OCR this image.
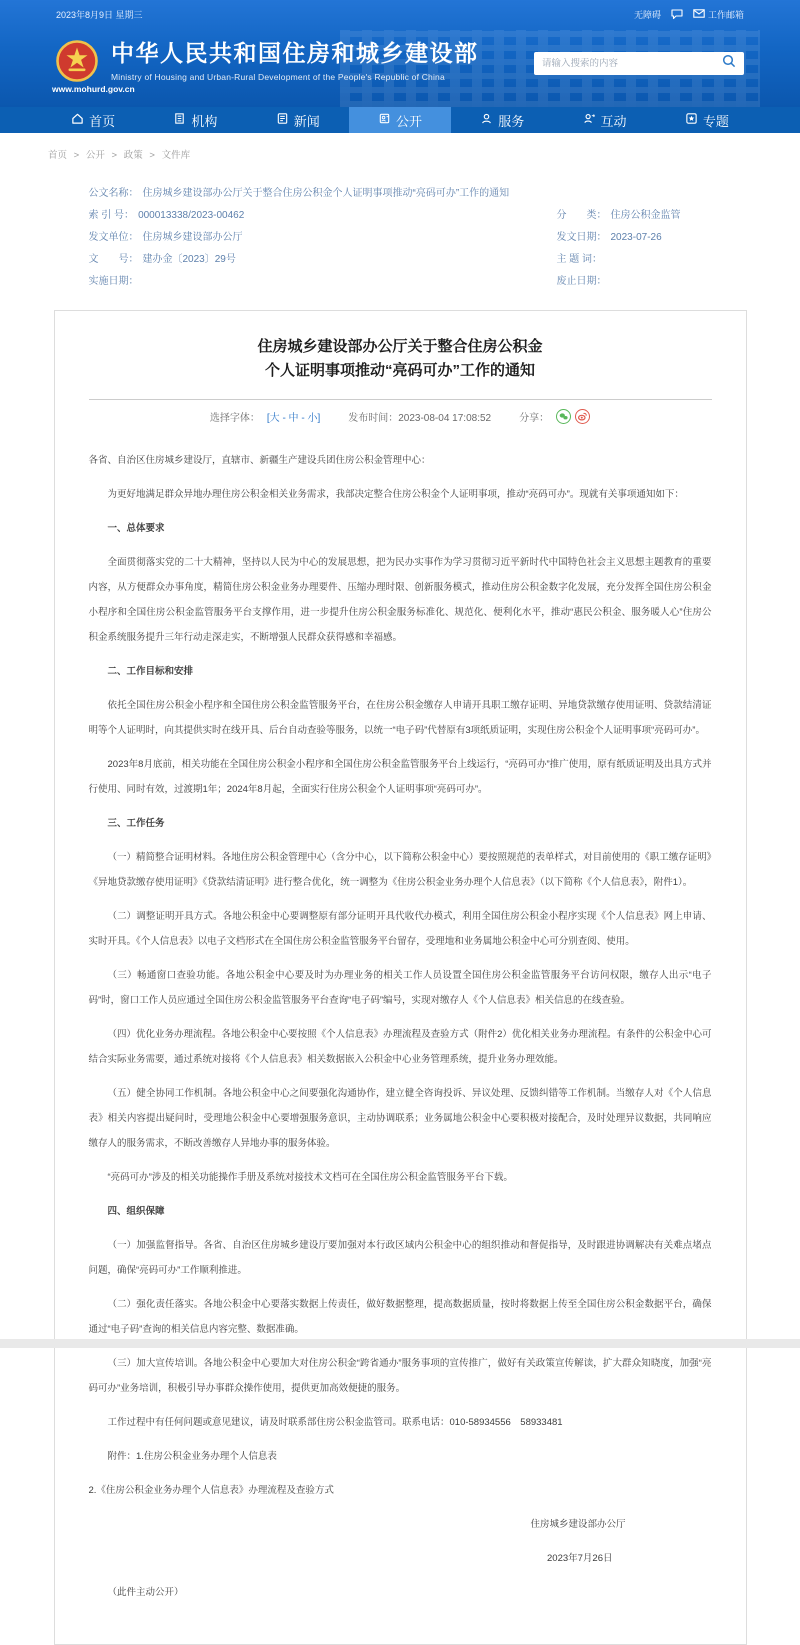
2023年8月9日 星期三	无障碍	工作邮箱
www.mohurd.gov.cn
中华人民共和国住房和城乡建设部
Ministry of Housing and Urban-Rural Development of the People's Republic of China
请输入搜索的内容
首页	机构	新闻	公开	服务	互动	专题
首页 > 公开 > 政策 > 文件库
公文名称： 住房城乡建设部办公厅关于整合住房公积金个人证明事项推动“亮码可办”工作的通知
索 引 号： 000013338/2023-00462	分　　类： 住房公积金监管
发文单位： 住房城乡建设部办公厅	发文日期： 2023-07-26
文　　号： 建办金〔2023〕29号	主 题 词：
实施日期：	废止日期：
住房城乡建设部办公厅关于整合住房公积金
个人证明事项推动“亮码可办”工作的通知
选择字体： [大 - 中 - 小]	发布时间：2023-08-04 17:08:52	分享：

各省、自治区住房城乡建设厅，直辖市、新疆生产建设兵团住房公积金管理中心：

为更好地满足群众异地办理住房公积金相关业务需求，我部决定整合住房公积金个人证明事项，推动“亮码可办”。现就有关事项通知如下：

一、总体要求

全面贯彻落实党的二十大精神，坚持以人民为中心的发展思想，把为民办实事作为学习贯彻习近平新时代中国特色社会主义思想主题教育的重要内容，从方便群众办事角度，精简住房公积金业务办理要件、压缩办理时限、创新服务模式，推动住房公积金数字化发展，充分发挥全国住房公积金小程序和全国住房公积金监管服务平台支撑作用，进一步提升住房公积金服务标准化、规范化、便利化水平，推动“惠民公积金、服务暖人心”住房公积金系统服务提升三年行动走深走实，不断增强人民群众获得感和幸福感。

二、工作目标和安排

依托全国住房公积金小程序和全国住房公积金监管服务平台，在住房公积金缴存人申请开具职工缴存证明、异地贷款缴存使用证明、贷款结清证明等个人证明时，向其提供实时在线开具、后台自动查验等服务，以统一“电子码”代替原有3项纸质证明，实现住房公积金个人证明事项“亮码可办”。

2023年8月底前，相关功能在全国住房公积金小程序和全国住房公积金监管服务平台上线运行，“亮码可办”推广使用，原有纸质证明及出具方式并行使用、同时有效，过渡期1年；2024年8月起，全面实行住房公积金个人证明事项“亮码可办”。

三、工作任务

（一）精简整合证明材料。各地住房公积金管理中心（含分中心，以下简称公积金中心）要按照规范的表单样式，对目前使用的《职工缴存证明》《异地贷款缴存使用证明》《贷款结清证明》进行整合优化，统一调整为《住房公积金业务办理个人信息表》（以下简称《个人信息表》，附件1）。

（二）调整证明开具方式。各地公积金中心要调整原有部分证明开具代收代办模式，利用全国住房公积金小程序实现《个人信息表》网上申请、实时开具。《个人信息表》以电子文档形式在全国住房公积金监管服务平台留存，受理地和业务属地公积金中心可分别查阅、使用。

（三）畅通窗口查验功能。各地公积金中心要及时为办理业务的相关工作人员设置全国住房公积金监管服务平台访问权限，缴存人出示“电子码”时，窗口工作人员应通过全国住房公积金监管服务平台查询“电子码”编号，实现对缴存人《个人信息表》相关信息的在线查验。

（四）优化业务办理流程。各地公积金中心要按照《个人信息表》办理流程及查验方式（附件2）优化相关业务办理流程。有条件的公积金中心可结合实际业务需要，通过系统对接将《个人信息表》相关数据嵌入公积金中心业务管理系统，提升业务办理效能。

（五）健全协同工作机制。各地公积金中心之间要强化沟通协作，建立健全咨询投诉、异议处理、反馈纠错等工作机制。当缴存人对《个人信息表》相关内容提出疑问时，受理地公积金中心要增强服务意识，主动协调联系；业务属地公积金中心要积极对接配合，及时处理异议数据，共同响应缴存人的服务需求，不断改善缴存人异地办事的服务体验。

“亮码可办”涉及的相关功能操作手册及系统对接技术文档可在全国住房公积金监管服务平台下载。

四、组织保障

（一）加强监督指导。各省、自治区住房城乡建设厅要加强对本行政区域内公积金中心的组织推动和督促指导，及时跟进协调解决有关难点堵点问题，确保“亮码可办”工作顺利推进。

（二）强化责任落实。各地公积金中心要落实数据上传责任，做好数据整理，提高数据质量，按时将数据上传至全国住房公积金数据平台，确保通过“电子码”查询的相关信息内容完整、数据准确。

（三）加大宣传培训。各地公积金中心要加大对住房公积金“跨省通办”服务事项的宣传推广，做好有关政策宣传解读，扩大群众知晓度，加强“亮码可办”业务培训，积极引导办事群众操作使用，提供更加高效便捷的服务。

工作过程中有任何问题或意见建议，请及时联系部住房公积金监管司。联系电话：010-58934556　58933481

附件：1.住房公积金业务办理个人信息表

2.《住房公积金业务办理个人信息表》办理流程及查验方式

住房城乡建设部办公厅

2023年7月26日

（此件主动公开）
